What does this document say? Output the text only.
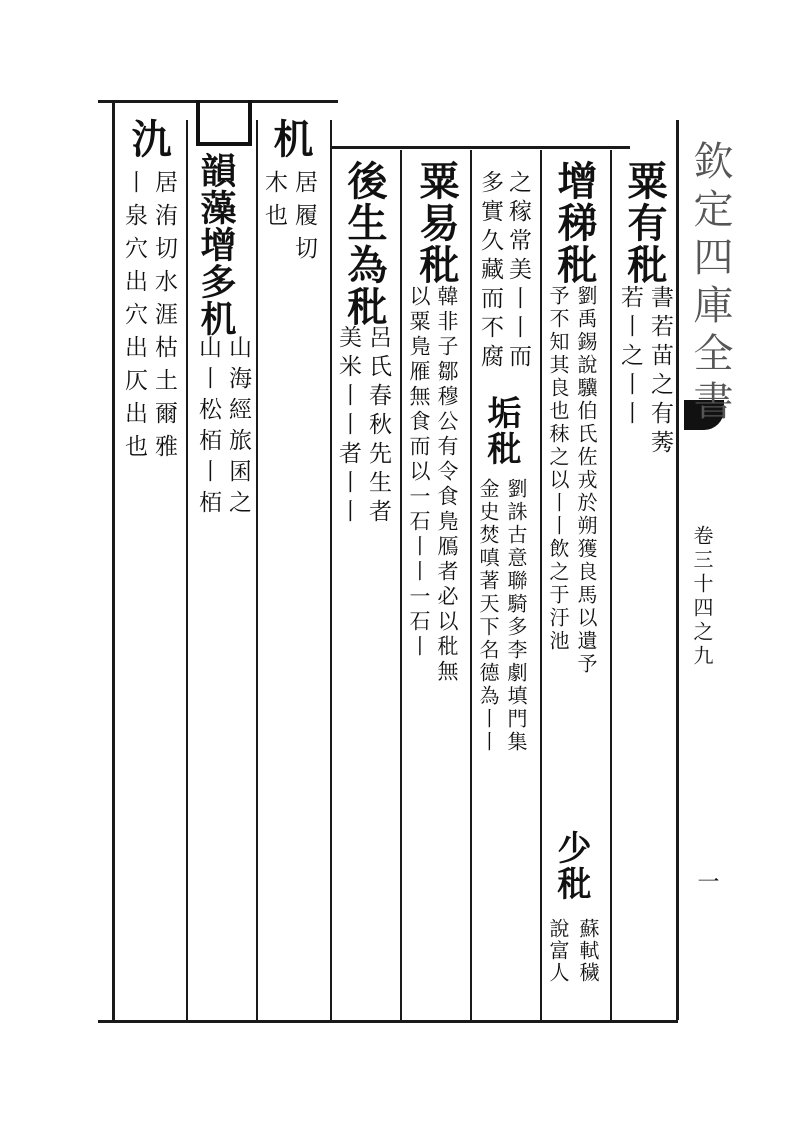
欽定四庫全書
卷三十四之九
一
粟有秕
書若苗之有莠
若丨之丨丨
增稊秕
劉禹錫說驥伯氏佐戎於朔獲良馬以遺予
予不知其良也秣之以丨丨飲之于汙池
少秕
蘇軾穢
說富人
之稼常美丨丨而
多實久藏而不腐
垢秕
劉誅古意聯騎多李劇填門集
金史焚嗔著天下名德為丨丨
粟易秕
韓非子鄒穆公有令食鳬鴈者必以秕無
以粟鳬雁無食而以一石丨丨一石丨
後生為秕
呂氏春秋先生者
美米丨丨者丨丨
机
居履切
木也
韻藻增多机
山海經旅囷之
山丨松栢丨栢
氿
居洧切水涯枯土爾雅
丨泉穴出穴出仄出也
